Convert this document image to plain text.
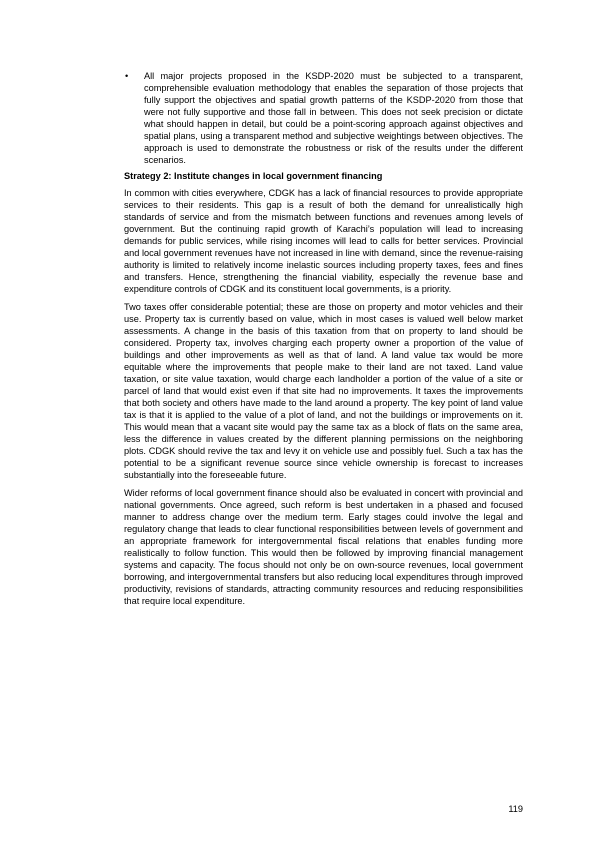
• All major projects proposed in the KSDP-2020 must be subjected to a transparent, comprehensible evaluation methodology that enables the separation of those projects that fully support the objectives and spatial growth patterns of the KSDP-2020 from those that were not fully supportive and those fall in between. This does not seek precision or dictate what should happen in detail, but could be a point-scoring approach against objectives and spatial plans, using a transparent method and subjective weightings between objectives. The approach is used to demonstrate the robustness or risk of the results under the different scenarios.

Strategy 2: Institute changes in local government financing

In common with cities everywhere, CDGK has a lack of financial resources to provide appropriate services to their residents. This gap is a result of both the demand for unrealistically high standards of service and from the mismatch between functions and revenues among levels of government. But the continuing rapid growth of Karachi’s population will lead to increasing demands for public services, while rising incomes will lead to calls for better services. Provincial and local government revenues have not increased in line with demand, since the revenue-raising authority is limited to relatively income inelastic sources including property taxes, fees and fines and transfers. Hence, strengthening the financial viability, especially the revenue base and expenditure controls of CDGK and its constituent local governments, is a priority.

Two taxes offer considerable potential; these are those on property and motor vehicles and their use. Property tax is currently based on value, which in most cases is valued well below market assessments. A change in the basis of this taxation from that on property to land should be considered. Property tax, involves charging each property owner a proportion of the value of buildings and other improvements as well as that of land. A land value tax would be more equitable where the improvements that people make to their land are not taxed. Land value taxation, or site value taxation, would charge each landholder a portion of the value of a site or parcel of land that would exist even if that site had no improvements. It taxes the improvements that both society and others have made to the land around a property. The key point of land value tax is that it is applied to the value of a plot of land, and not the buildings or improvements on it. This would mean that a vacant site would pay the same tax as a block of flats on the same area, less the difference in values created by the different planning permissions on the neighboring plots. CDGK should revive the tax and levy it on vehicle use and possibly fuel. Such a tax has the potential to be a significant revenue source since vehicle ownership is forecast to increases substantially into the foreseeable future.

Wider reforms of local government finance should also be evaluated in concert with provincial and national governments. Once agreed, such reform is best undertaken in a phased and focused manner to address change over the medium term. Early stages could involve the legal and regulatory change that leads to clear functional responsibilities between levels of government and an appropriate framework for intergovernmental fiscal relations that enables funding more realistically to follow function. This would then be followed by improving financial management systems and capacity. The focus should not only be on own-source revenues, local government borrowing, and intergovernmental transfers but also reducing local expenditures through improved productivity, revisions of standards, attracting community resources and reducing responsibilities that require local expenditure.

119
